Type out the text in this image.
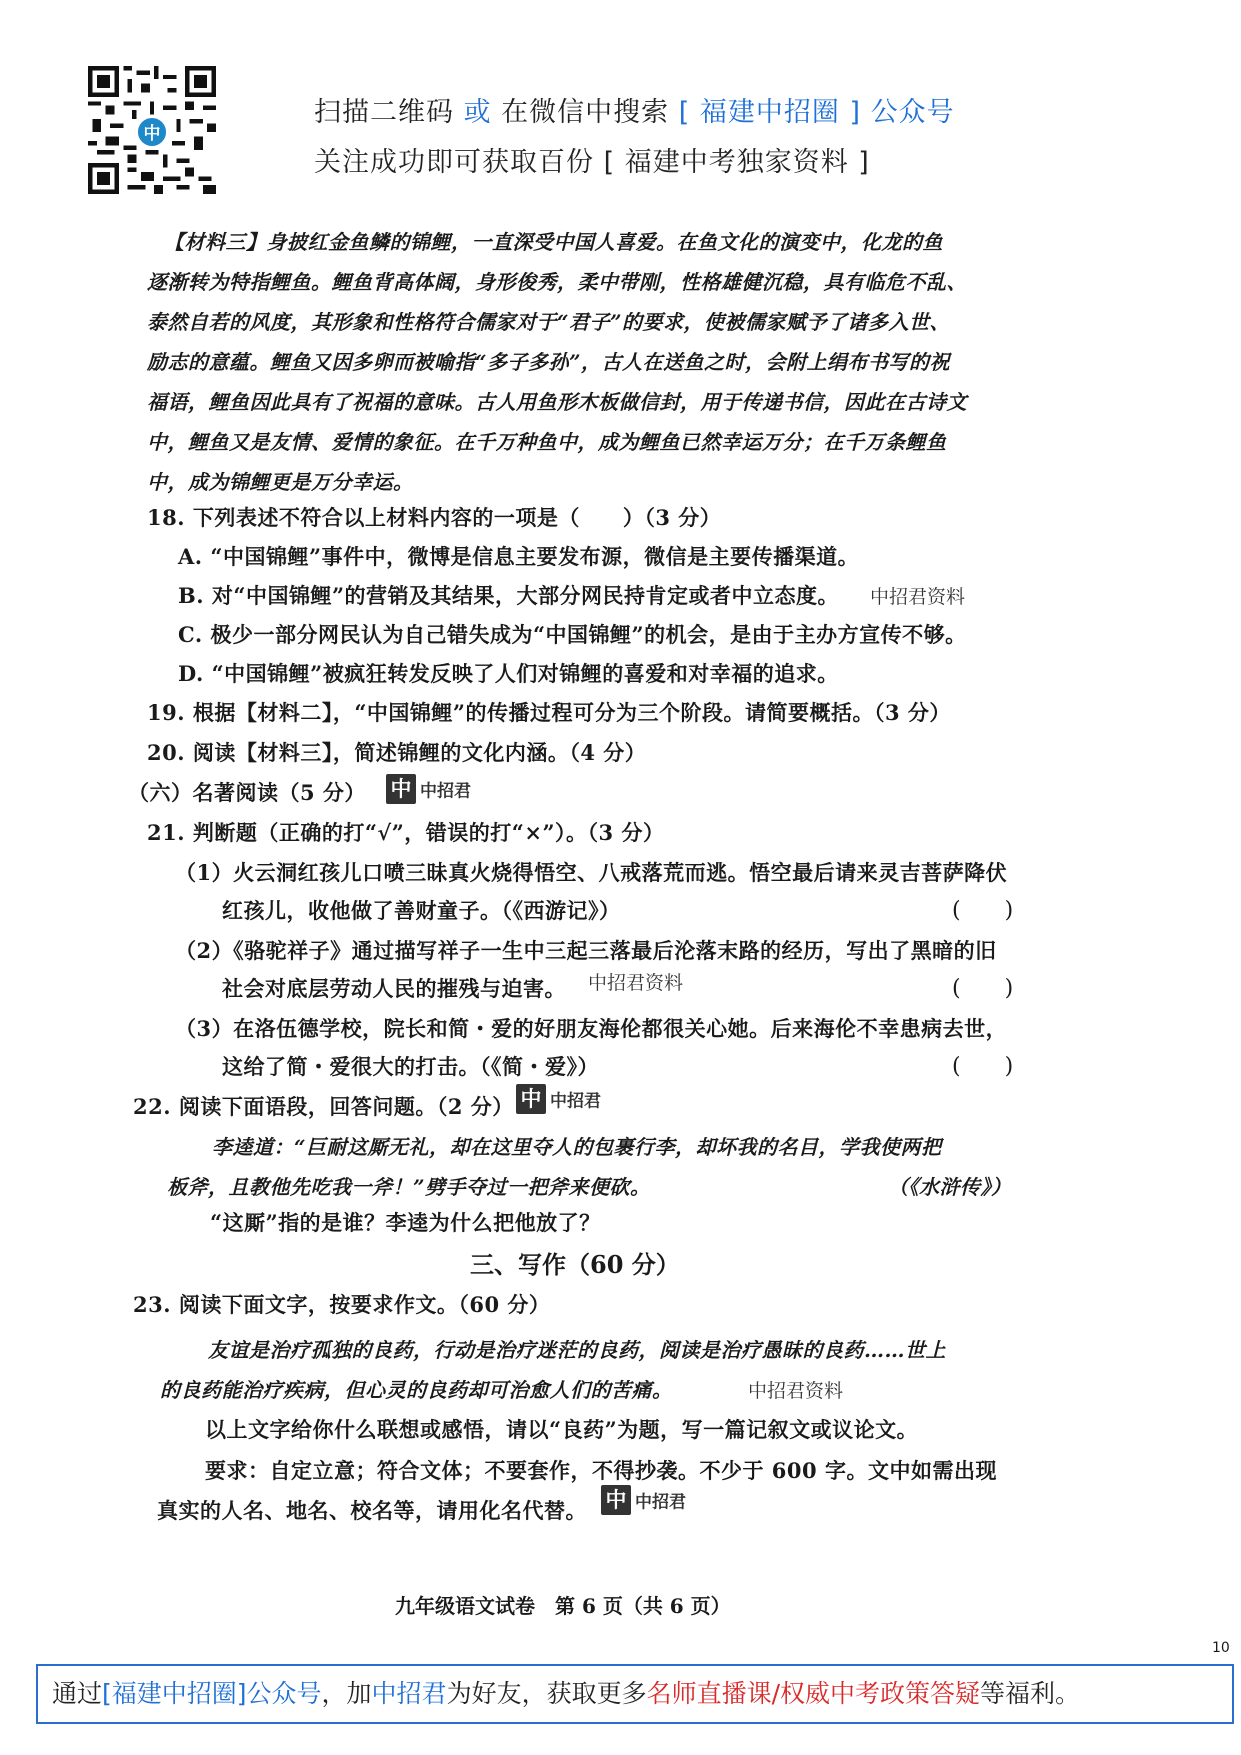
中
扫描二维码 或 在微信中搜索 [ 福建中招圈 ] 公众号
关注成功即可获取百份 [ 福建中考独家资料 ]
【材料三】身披红金鱼鳞的锦鲤，一直深受中国人喜爱。在鱼文化的演变中，化龙的鱼
逐渐转为特指鲤鱼。鲤鱼背高体阔，身形俊秀，柔中带刚，性格雄健沉稳，具有临危不乱、
泰然自若的风度，其形象和性格符合儒家对于“君子”的要求，使被儒家赋予了诸多入世、
励志的意蕴。鲤鱼又因多卵而被喻指“多子多孙”，古人在送鱼之时，会附上绢布书写的祝
福语，鲤鱼因此具有了祝福的意味。古人用鱼形木板做信封，用于传递书信，因此在古诗文
中，鲤鱼又是友情、爱情的象征。在千万种鱼中，成为鲤鱼已然幸运万分；在千万条鲤鱼
中，成为锦鲤更是万分幸运。
18. 下列表述不符合以上材料内容的一项是（　　）（3 分）
A. “中国锦鲤”事件中，微博是信息主要发布源，微信是主要传播渠道。
B. 对“中国锦鲤”的营销及其结果，大部分网民持肯定或者中立态度。 中招君资料
C. 极少一部分网民认为自己错失成为“中国锦鲤”的机会，是由于主办方宣传不够。
D. “中国锦鲤”被疯狂转发反映了人们对锦鲤的喜爱和对幸福的追求。
19. 根据【材料二】，“中国锦鲤”的传播过程可分为三个阶段。请简要概括。（3 分）
20. 阅读【材料三】，简述锦鲤的文化内涵。（4 分）
（六）名著阅读（5 分） 中 中招君
21. 判断题（正确的打“√”，错误的打“×”）。（3 分）
（1）火云洞红孩儿口喷三昧真火烧得悟空、八戒落荒而逃。悟空最后请来灵吉菩萨降伏
红孩儿，收他做了善财童子。（《西游记》）	(　　)
（2）《骆驼祥子》通过描写祥子一生中三起三落最后沦落末路的经历，写出了黑暗的旧
社会对底层劳动人民的摧残与迫害。 中招君资料	(　　)
（3）在洛伍德学校，院长和简・爱的好朋友海伦都很关心她。后来海伦不幸患病去世，
这给了简・爱很大的打击。（《简・爱》）	(　　)
22. 阅读下面语段，回答问题。（2 分） 中 中招君
李逵道：“巨耐这厮无礼，却在这里夺人的包裹行李，却坏我的名目，学我使两把
板斧，且教他先吃我一斧！”劈手夺过一把斧来便砍。	（《水浒传》）
“这厮”指的是谁？李逵为什么把他放了？
三、写作（60 分）
23. 阅读下面文字，按要求作文。（60 分）
友谊是治疗孤独的良药，行动是治疗迷茫的良药，阅读是治疗愚昧的良药……世上
的良药能治疗疾病，但心灵的良药却可治愈人们的苦痛。	中招君资料
以上文字给你什么联想或感悟，请以“良药”为题，写一篇记叙文或议论文。
要求：自定立意；符合文体；不要套作，不得抄袭。不少于 600 字。文中如需出现
真实的人名、地名、校名等，请用化名代替。 中 中招君
九年级语文试卷　第 6 页（共 6 页）
10
通过[福建中招圈]公众号，加中招君为好友，获取更多名师直播课/权威中考政策答疑等福利。
